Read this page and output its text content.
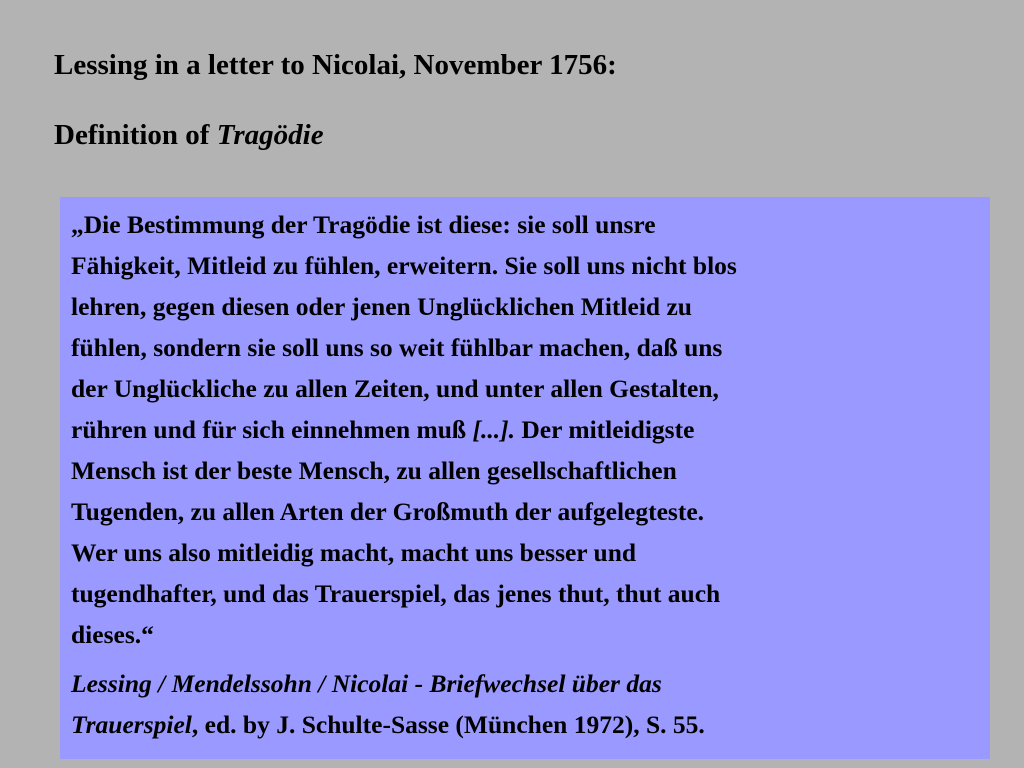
Lessing in a letter to Nicolai, November 1756:
Definition of Tragödie

„Die Bestimmung der Tragödie ist diese: sie soll unsre
Fähigkeit, Mitleid zu fühlen, erweitern. Sie soll uns nicht blos
lehren, gegen diesen oder jenen Unglücklichen Mitleid zu
fühlen, sondern sie soll uns so weit fühlbar machen, daß uns
der Unglückliche zu allen Zeiten, und unter allen Gestalten,
rühren und für sich einnehmen muß [...]. Der mitleidigste
Mensch ist der beste Mensch, zu allen gesellschaftlichen
Tugenden, zu allen Arten der Großmuth der aufgelegteste.
Wer uns also mitleidig macht, macht uns besser und
tugendhafter, und das Trauerspiel, das jenes thut, thut auch
dieses.“

Lessing / Mendelssohn / Nicolai - Briefwechsel über das
Trauerspiel, ed. by J. Schulte-Sasse (München 1972), S. 55.
